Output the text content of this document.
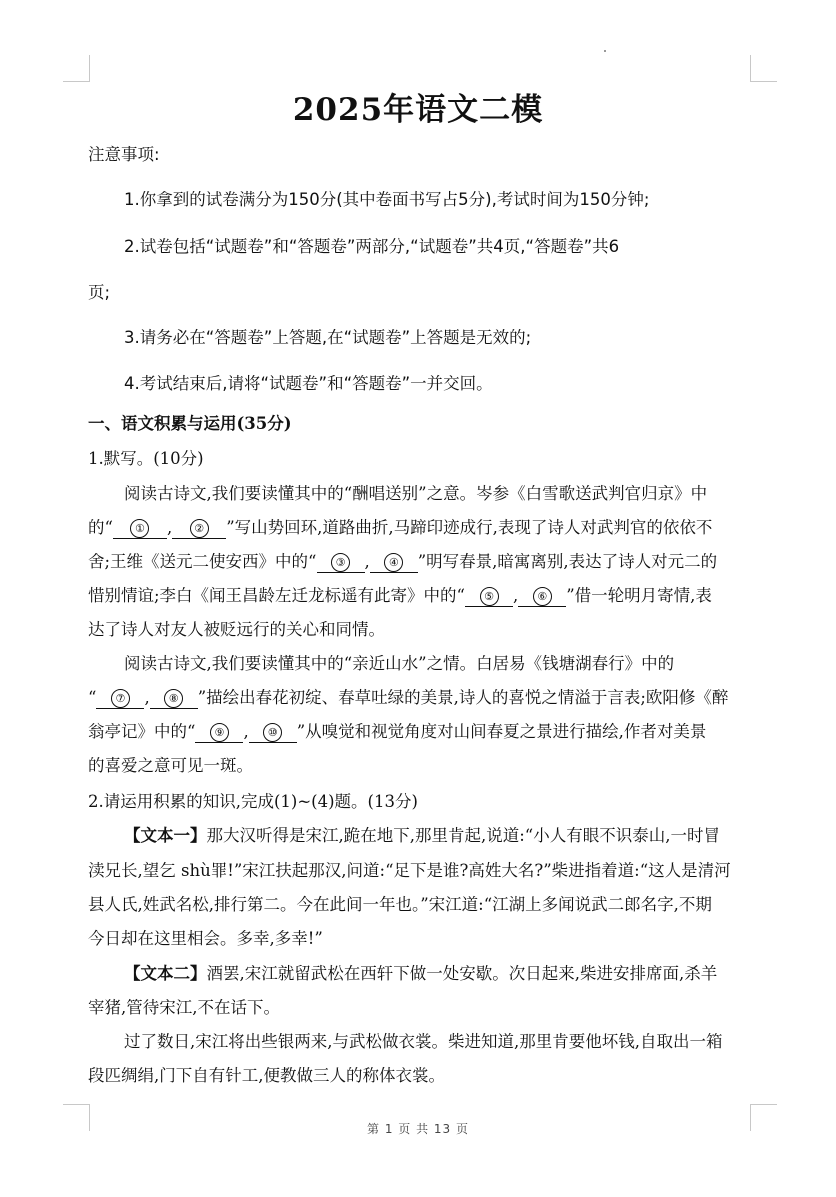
2025年语文二模
注意事项:
1.你拿到的试卷满分为150分(其中卷面书写占5分),考试时间为150分钟;
2.试卷包括“试题卷”和“答题卷”两部分,“试题卷”共4页,“答题卷”共6
页;
3.请务必在“答题卷”上答题,在“试题卷”上答题是无效的;
4.考试结束后,请将“试题卷”和“答题卷”一并交回。
一、语文积累与运用(35分)
1.默写。(10分)
阅读古诗文,我们要读懂其中的“酬唱送别”之意。岑参《白雪歌送武判官归京》中
的“ ① , ② ”写山势回环,道路曲折,马蹄印迹成行,表现了诗人对武判官的依依不
舍;王维《送元二使安西》中的“ ③ , ④ ”明写春景,暗寓离别,表达了诗人对元二的
惜别情谊;李白《闻王昌龄左迁龙标遥有此寄》中的“ ⑤ , ⑥ ”借一轮明月寄情,表
达了诗人对友人被贬远行的关心和同情。
阅读古诗文,我们要读懂其中的“亲近山水”之情。白居易《钱塘湖春行》中的
“ ⑦ , ⑧ ”描绘出春花初绽、春草吐绿的美景,诗人的喜悦之情溢于言表;欧阳修《醉
翁亭记》中的“ ⑨ , ⑩ ”从嗅觉和视觉角度对山间春夏之景进行描绘,作者对美景
的喜爱之意可见一斑。
2.请运用积累的知识,完成(1)~(4)题。(13分)
【文本一】那大汉听得是宋江,跪在地下,那里肯起,说道:“小人有眼不识泰山,一时冒
渎兄长,望乞 shù罪!”宋江扶起那汉,问道:“足下是谁?高姓大名?”柴进指着道:“这人是清河
县人氏,姓武名松,排行第二。今在此间一年也。”宋江道:“江湖上多闻说武二郎名字,不期
今日却在这里相会。多幸,多幸!”
【文本二】酒罢,宋江就留武松在西轩下做一处安歇。次日起来,柴进安排席面,杀羊
宰猪,管待宋江,不在话下。
过了数日,宋江将出些银两来,与武松做衣裳。柴进知道,那里肯要他坏钱,自取出一箱
段匹绸绢,门下自有针工,便教做三人的称体衣裳。
第 1 页 共 13 页
